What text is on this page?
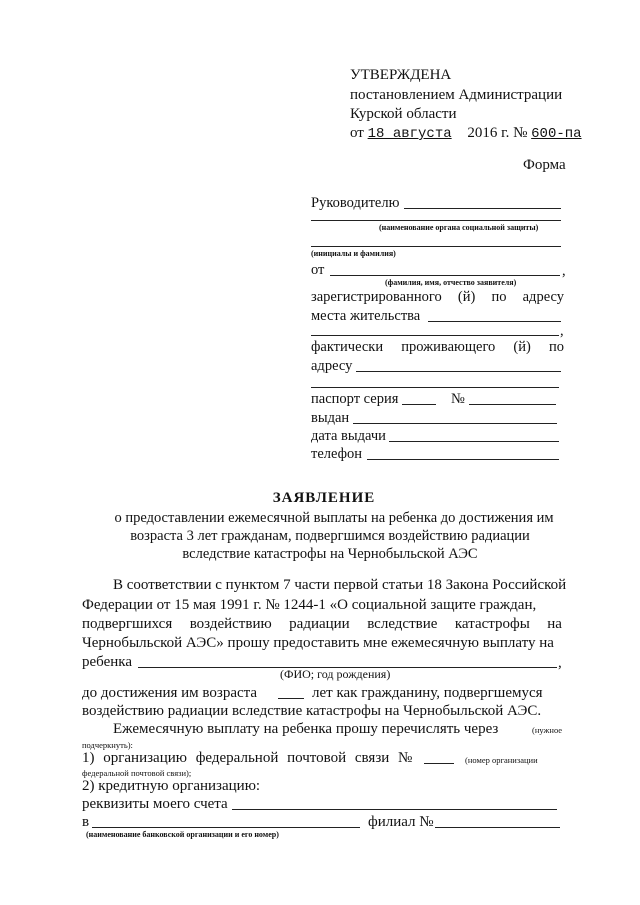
УТВЕРЖДЕНА
постановлением Администрации
Курской области
от 18 августа 2016 г. № 600-па
Форма
Руководителю
(наименование органа социальной защиты)
(инициалы и фамилия)
от	,
(фамилия, имя, отчество заявителя)
зарегистрированного (й) по адресу
места жительства
,
фактически проживающего (й) по
адресу
паспорт серия	№
выдан
дата выдачи
телефон
ЗАЯВЛЕНИЕ
о предоставлении ежемесячной выплаты на ребенка до достижения им
возраста 3 лет гражданам, подвергшимся воздействию радиации
вследствие катастрофы на Чернобыльской АЭС
В соответствии с пунктом 7 части первой статьи 18 Закона Российской
Федерации от 15 мая 1991 г. № 1244-1 «О социальной защите граждан,
подвергшихся воздействию радиации вследствие катастрофы на
Чернобыльской АЭС» прошу предоставить мне ежемесячную выплату на
ребенка	,
(ФИО; год рождения)
до достижения им возраста	лет как гражданину, подвергшемуся
воздействию радиации вследствие катастрофы на Чернобыльской АЭС.
Ежемесячную выплату на ребенка прошу перечислять через	(нужное
подчеркнуть):
1) организацию федеральной почтовой связи №	(номер организации
федеральной почтовой связи);
2) кредитную организацию:
реквизиты моего счета
в	филиал №
(наименование банковской организации и его номер)
